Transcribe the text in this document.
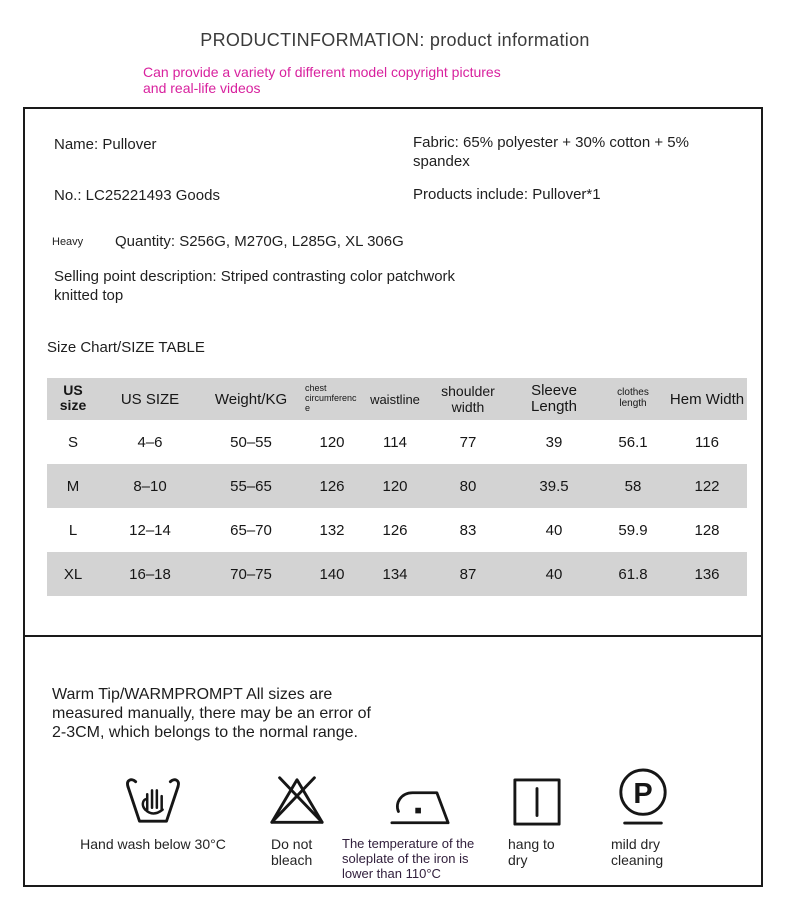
PRODUCTINFORMATION: product information
Can provide a variety of different model copyright pictures
and real-life videos
Name: Pullover	Fabric: 65% polyester + 30% cotton + 5% spandex
No.: LC25221493 Goods	Products include: Pullover*1
Heavy Quantity: S256G, M270G, L285G, XL 306G
Selling point description: Striped contrasting color patchwork knitted top
Size Chart/SIZE TABLE
US size	US SIZE	Weight/KG	chest circumference	waistline	shoulder width	Sleeve Length	clothes length	Hem Width
S	4–6	50–55	120	114	77	39	56.1	116
M	8–10	55–65	126	120	80	39.5	58	122
L	12–14	65–70	132	126	83	40	59.9	128
XL	16–18	70–75	140	134	87	40	61.8	136
Warm Tip/WARMPROMPT All sizes are
measured manually, there may be an error of
2-3CM, which belongs to the normal range.
Hand wash below 30°C	Do not bleach
The temperature of the soleplate of the iron is lower than 110°C
hang to dry
P
mild dry cleaning
